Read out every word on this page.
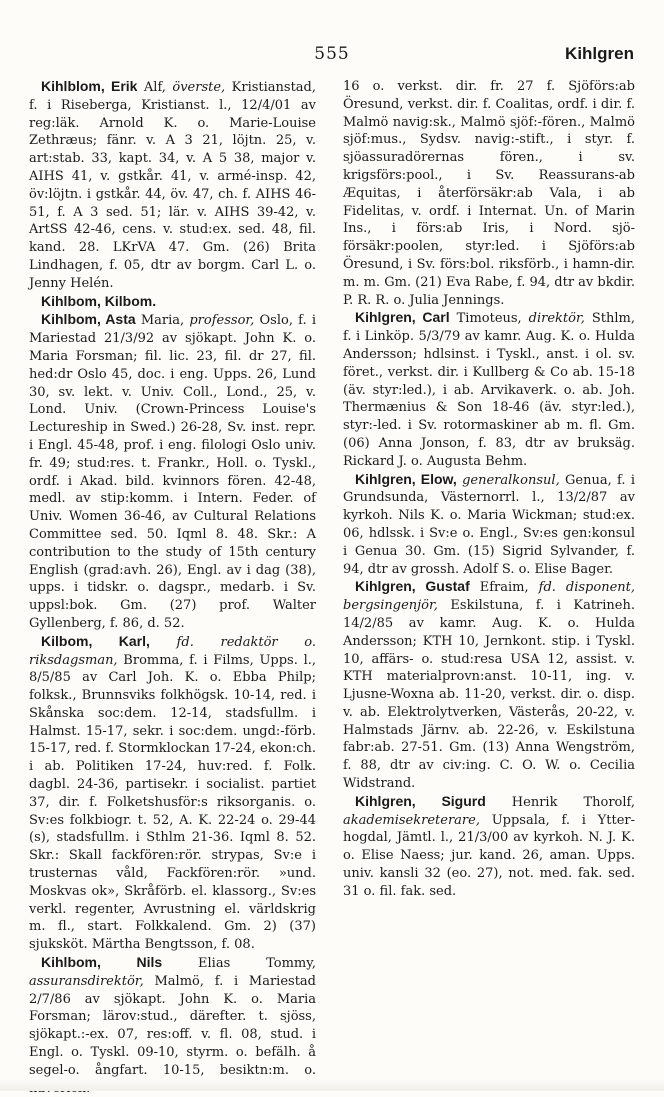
555	Kihlgren

Kihlblom, Erik Alf, överste, Kristianstad, f. i Riseberga, Kristianst. l., 12/4/01 av reg:läk. Arnold K. o. Marie-Louise Zethræus; fänr. v. A 3 21, löjtn. 25, v. art:stab. 33, kapt. 34, v. A 5 38, major v. AIHS 41, v. gstkår. 41, v. armé-insp. 42, öv:löjtn. i gstkår. 44, öv. 47, ch. f. AIHS 46-51, f. A 3 sed. 51; lär. v. AIHS 39-42, v. ArtSS 42-46, cens. v. stud:ex. sed. 48, fil. kand. 28. LKrVA 47. Gm. (26) Brita Lindhagen, f. 05, dtr av borgm. Carl L. o. Jenny Helén.

Kihlbom, Kilbom.

Kihlbom, Asta Maria, professor, Oslo, f. i Mariestad 21/3/92 av sjökapt. John K. o. Maria Forsman; fil. lic. 23, fil. dr 27, fil. hed:dr Oslo 45, doc. i eng. Upps. 26, Lund 30, sv. lekt. v. Univ. Coll., Lond., 25, v. Lond. Univ. (Crown-Princess Louise's Lectureship in Swed.) 26-28, Sv. inst. repr. i Engl. 45-48, prof. i eng. filologi Oslo univ. fr. 49; stud:res. t. Frankr., Holl. o. Tyskl., ordf. i Akad. bild. kvinnors fören. 42-48, medl. av stip:komm. i Intern. Feder. of Univ. Women 36-46, av Cultural Relations Committee sed. 50. Iqml 8. 48. Skr.: A contribution to the study of 15th century English (grad:avh. 26), Engl. av i dag (38), upps. i tidskr. o. dagspr., medarb. i Sv. uppsl:bok. Gm. (27) prof. Walter Gyllenberg, f. 86, d. 52.

Kilbom, Karl, fd. redaktör o. riksdagsman, Bromma, f. i Films, Upps. l., 8/5/85 av Carl Joh. K. o. Ebba Philp; folksk., Brunnsviks folkhögsk. 10-14, red. i Skånska soc:dem. 12-14, stadsfullm. i Halmst. 15-17, sekr. i soc:dem. ungd:-förb. 15-17, red. f. Stormklockan 17-24, ekon:ch. i ab. Politiken 17-24, huv:red. f. Folk. dagbl. 24-36, partisekr. i socialist. partiet 37, dir. f. Folketshusför:s riksorganis. o. Sv:es folkbiogr. t. 52, A. K. 22-24 o. 29-44 (s), stadsfullm. i Sthlm 21-36. Iqml 8. 52. Skr.: Skall fackfören:rör. strypas, Sv:e i trusternas våld, Fackfören:rör. »und. Moskvas ok», Skråförb. el. klassorg., Sv:es verkl. regenter, Avrustning el. världskrig m. fl., start. Folkkalend. Gm. 2) (37) sjuksköt. Märtha Bengtsson, f. 08.

Kihlbom, Nils Elias Tommy, assuransdirektör, Malmö, f. i Mariestad 2/7/86 av sjökapt. John K. o. Maria Forsman; lärov:stud., därefter. t. sjöss, sjökapt.:-ex. 07, res:off. v. fl. 08, stud. i Engl. o. Tyskl. 09-10, styrm. o. befälh. å segel-o. ångfart. 10-15, besiktn:m. o.

16 o. verkst. dir. fr. 27 f. Sjöförs:ab Öresund, verkst. dir. f. Coalitas, ordf. i dir. f. Malmö navig:sk., Malmö sjöf:-fören., Malmö sjöf:mus., Sydsv. navig:-stift., i styr. f. sjöassuradörernas fören., i sv. krigsförs:pool., i Sv. Reassurans-ab Æquitas, i återförsäkr:ab Vala, i ab Fidelitas, v. ordf. i Internat. Un. of Marin Ins., i förs:ab Iris, i Nord. sjö-försäkr:poolen, styr:led. i Sjöförs:ab Öresund, i Sv. förs:bol. riksförb., i hamn-dir. m. m. Gm. (21) Eva Rabe, f. 94, dtr av bkdir. P. R. R. o. Julia Jennings.

Kihlgren, Carl Timoteus, direktör, Sthlm, f. i Linköp. 5/3/79 av kamr. Aug. K. o. Hulda Andersson; hdlsinst. i Tyskl., anst. i ol. sv. föret., verkst. dir. i Kullberg & Co ab. 15-18 (äv. styr:led.), i ab. Arvikaverk. o. ab. Joh. Thermænius & Son 18-46 (äv. styr:led.), styr:-led. i Sv. rotormaskiner ab m. fl. Gm. (06) Anna Jonson, f. 83, dtr av bruksäg. Rickard J. o. Augusta Behm.

Kihlgren, Elow, generalkonsul, Genua, f. i Grundsunda, Västernorrl. l., 13/2/87 av kyrkoh. Nils K. o. Maria Wickman; stud:ex. 06, hdlssk. i Sv:e o. Engl., Sv:es gen:konsul i Genua 30. Gm. (15) Sigrid Sylvander, f. 94, dtr av grossh. Adolf S. o. Elise Bager.

Kihlgren, Gustaf Efraim, fd. disponent, bergsingenjör, Eskilstuna, f. i Katrineh. 14/2/85 av kamr. Aug. K. o. Hulda Andersson; KTH 10, Jernkont. stip. i Tyskl. 10, affärs- o. stud:resa USA 12, assist. v. KTH materialprovn:anst. 10-11, ing. v. Ljusne-Woxna ab. 11-20, verkst. dir. o. disp. v. ab. Elektrolytverken, Västerås, 20-22, v. Halmstads Järnv. ab. 22-26, v. Eskilstuna fabr:ab. 27-51. Gm. (13) Anna Wengström, f. 88, dtr av civ:ing. C. O. W. o. Cecilia Widstrand.

Kihlgren, Sigurd Henrik Thorolf, akademisekreterare, Uppsala, f. i Ytter-hogdal, Jämtl. l., 21/3/00 av kyrkoh. N. J. K. o. Elise Naess; jur. kand. 26, aman. Upps. univ. kansli 32 (eo. 27), not. med. fak. sed. 31 o. fil. fak. sed.
